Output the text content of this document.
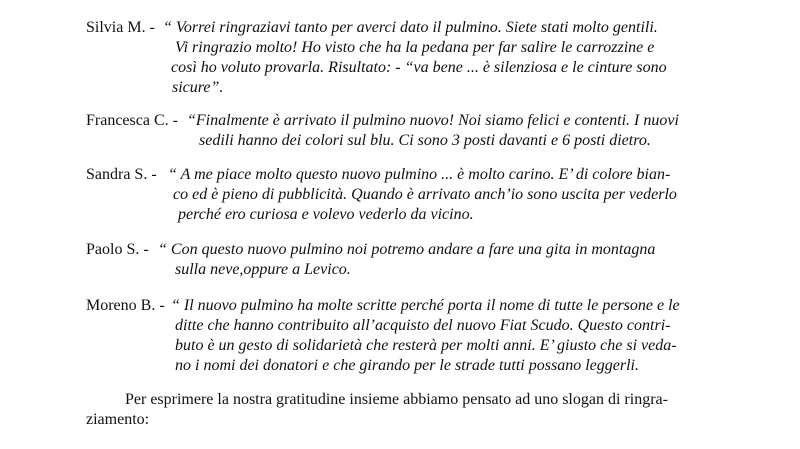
Silvia M. - “ Vorrei ringraziavi tanto per averci dato il pulmino. Siete stati molto gentili.
Vi ringrazio molto! Ho visto che ha la pedana per far salire le carrozzine e
così ho voluto provarla. Risultato: - “va bene ... è silenziosa e le cinture sono
sicure”.
Francesca C. - “Finalmente è arrivato il pulmino nuovo! Noi siamo felici e contenti. I nuovi
sedili hanno dei colori sul blu. Ci sono 3 posti davanti e 6 posti dietro.
Sandra S. - “ A me piace molto questo nuovo pulmino ... è molto carino. E’ di colore bian-
co ed è pieno di pubblicità. Quando è arrivato anch’io sono uscita per vederlo
perché ero curiosa e volevo vederlo da vicino.
Paolo S. - “ Con questo nuovo pulmino noi potremo andare a fare una gita in montagna
sulla neve,oppure a Levico.
Moreno B. - “ Il nuovo pulmino ha molte scritte perché porta il nome di tutte le persone e le
ditte che hanno contribuito all’acquisto del nuovo Fiat Scudo. Questo contri-
buto è un gesto di solidarietà che resterà per molti anni. E’ giusto che si veda-
no i nomi dei donatori e che girando per le strade tutti possano leggerli.
Per esprimere la nostra gratitudine insieme abbiamo pensato ad uno slogan di ringra-
ziamento:
